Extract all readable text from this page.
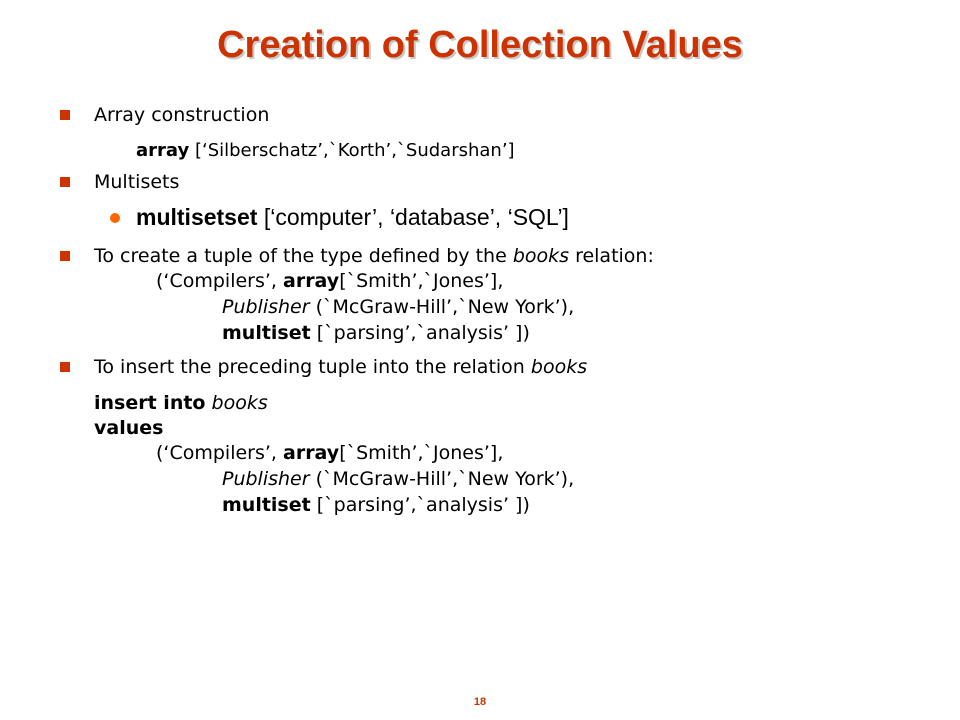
Creation of Collection Values
Array construction
array [‘Silberschatz’,`Korth’,`Sudarshan’]
Multisets
multisetset [‘computer’, ‘database’, ‘SQL’]
To create a tuple of the type defined by the books relation:
(‘Compilers’, array[`Smith’,`Jones’],
Publisher (`McGraw-Hill’,`New York’),
multiset [`parsing’,`analysis’ ])
To insert the preceding tuple into the relation books
insert into books
values
(‘Compilers’, array[`Smith’,`Jones’],
Publisher (`McGraw-Hill’,`New York’),
multiset [`parsing’,`analysis’ ])
18
